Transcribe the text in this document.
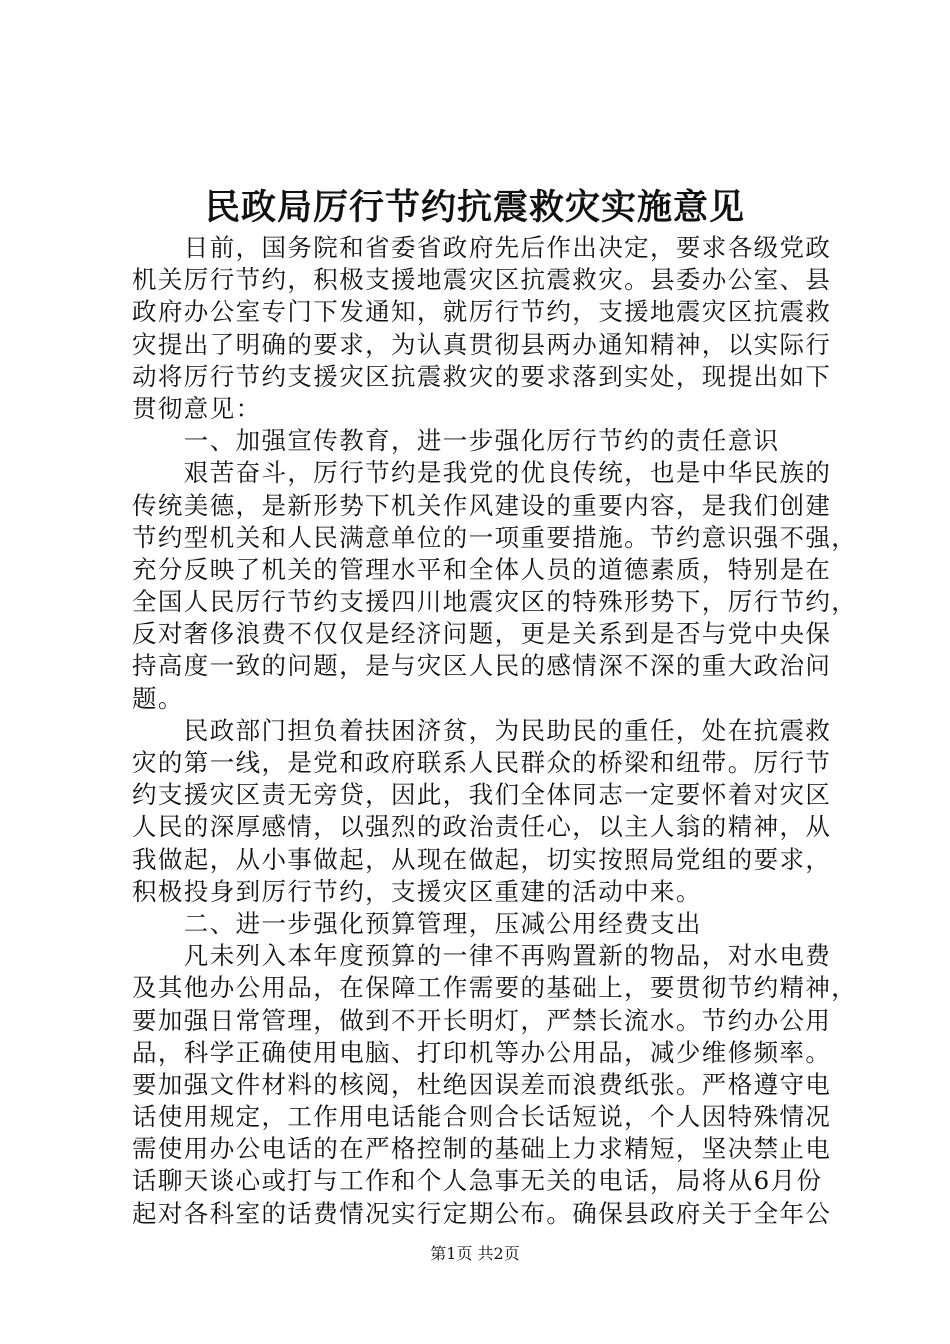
民政局厉行节约抗震救灾实施意见
　　日前，国务院和省委省政府先后作出决定，要求各级党政
机关厉行节约，积极支援地震灾区抗震救灾。县委办公室、县
政府办公室专门下发通知，就厉行节约，支援地震灾区抗震救
灾提出了明确的要求，为认真贯彻县两办通知精神，以实际行
动将厉行节约支援灾区抗震救灾的要求落到实处，现提出如下
贯彻意见：
　　一、加强宣传教育，进一步强化厉行节约的责任意识
　　艰苦奋斗，厉行节约是我党的优良传统，也是中华民族的
传统美德，是新形势下机关作风建设的重要内容，是我们创建
节约型机关和人民满意单位的一项重要措施。节约意识强不强，
充分反映了机关的管理水平和全体人员的道德素质，特别是在
全国人民厉行节约支援四川地震灾区的特殊形势下，厉行节约，
反对奢侈浪费不仅仅是经济问题，更是关系到是否与党中央保
持高度一致的问题，是与灾区人民的感情深不深的重大政治问
题。
　　民政部门担负着扶困济贫，为民助民的重任，处在抗震救
灾的第一线，是党和政府联系人民群众的桥梁和纽带。厉行节
约支援灾区责无旁贷，因此，我们全体同志一定要怀着对灾区
人民的深厚感情，以强烈的政治责任心，以主人翁的精神，从
我做起，从小事做起，从现在做起，切实按照局党组的要求，
积极投身到厉行节约，支援灾区重建的活动中来。
　　二、进一步强化预算管理，压减公用经费支出
　　凡未列入本年度预算的一律不再购置新的物品，对水电费
及其他办公用品，在保障工作需要的基础上，要贯彻节约精神，
要加强日常管理，做到不开长明灯，严禁长流水。节约办公用
品，科学正确使用电脑、打印机等办公用品，减少维修频率。
要加强文件材料的核阅，杜绝因误差而浪费纸张。严格遵守电
话使用规定，工作用电话能合则合长话短说，个人因特殊情况
需使用办公电话的在严格控制的基础上力求精短，坚决禁止电
话聊天谈心或打与工作和个人急事无关的电话，局将从6月份
起对各科室的话费情况实行定期公布。确保县政府关于全年公
第1页 共2页
